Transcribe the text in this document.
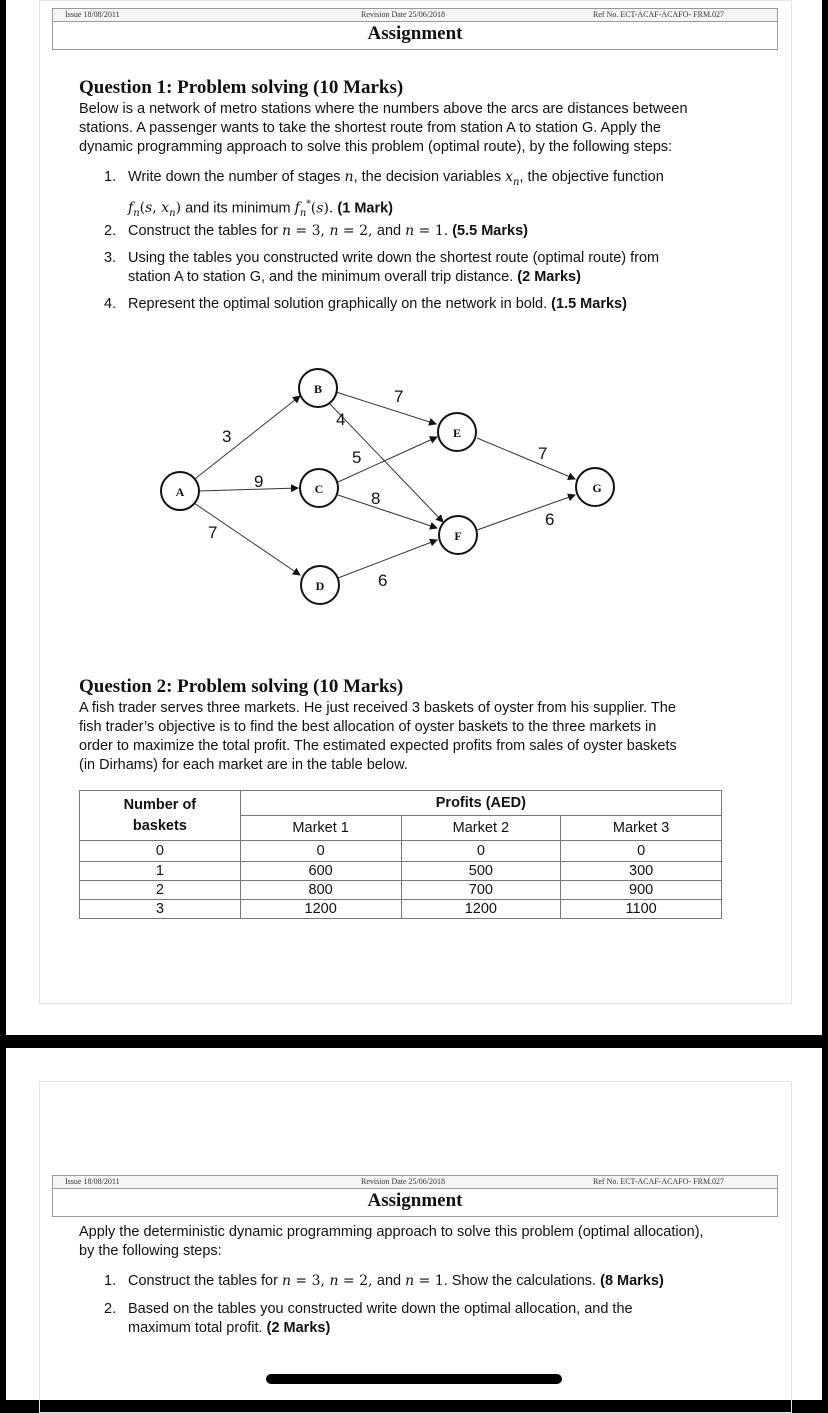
Issue 18/08/2011	Revision Date 25/06/2018	Ref No. ECT-ACAF-ACAFO- FRM.027
Assignment
Question 1: Problem solving (10 Marks)
Below is a network of metro stations where the numbers above the arcs are distances between
stations. A passenger wants to take the shortest route from station A to station G. Apply the
dynamic programming approach to solve this problem (optimal route), by the following steps:
1. Write down the number of stages n, the decision variables $x_n$, the objective function
$f_n(s$, $x_n$) and its minimum $f_n^*(s)$. (1 Mark)
2. Construct the tables for n = 3, n = 2, and n = 1. (5.5 Marks)
3. Using the tables you constructed write down the shortest route (optimal route) from
station A to station G, and the minimum overall trip distance. (2 Marks)
4. Represent the optimal solution graphically on the network in bold. (1.5 Marks)
3
9
7
7
4
5
8
6
7
6
A
B
C
D
E
F
G
Question 2: Problem solving (10 Marks)
A fish trader serves three markets. He just received 3 baskets of oyster from his supplier. The
fish trader’s objective is to find the best allocation of oyster baskets to the three markets in
order to maximize the total profit. The estimated expected profits from sales of oyster baskets
(in Dirhams) for each market are in the table below.
Number of
baskets	Profits (AED)		
	Market 1	Market 2	Market 3
0	0	0	0
1	600	500	300
2	800	700	900
3	1200	1200	1100
Issue 18/08/2011	Revision Date 25/06/2018	Ref No. ECT-ACAF-ACAFO- FRM.027
Assignment
Apply the deterministic dynamic programming approach to solve this problem (optimal allocation),
by the following steps:
1. Construct the tables for n = 3, n = 2, and n = 1. Show the calculations. (8 Marks)
2. Based on the tables you constructed write down the optimal allocation, and the
maximum total profit. (2 Marks)
